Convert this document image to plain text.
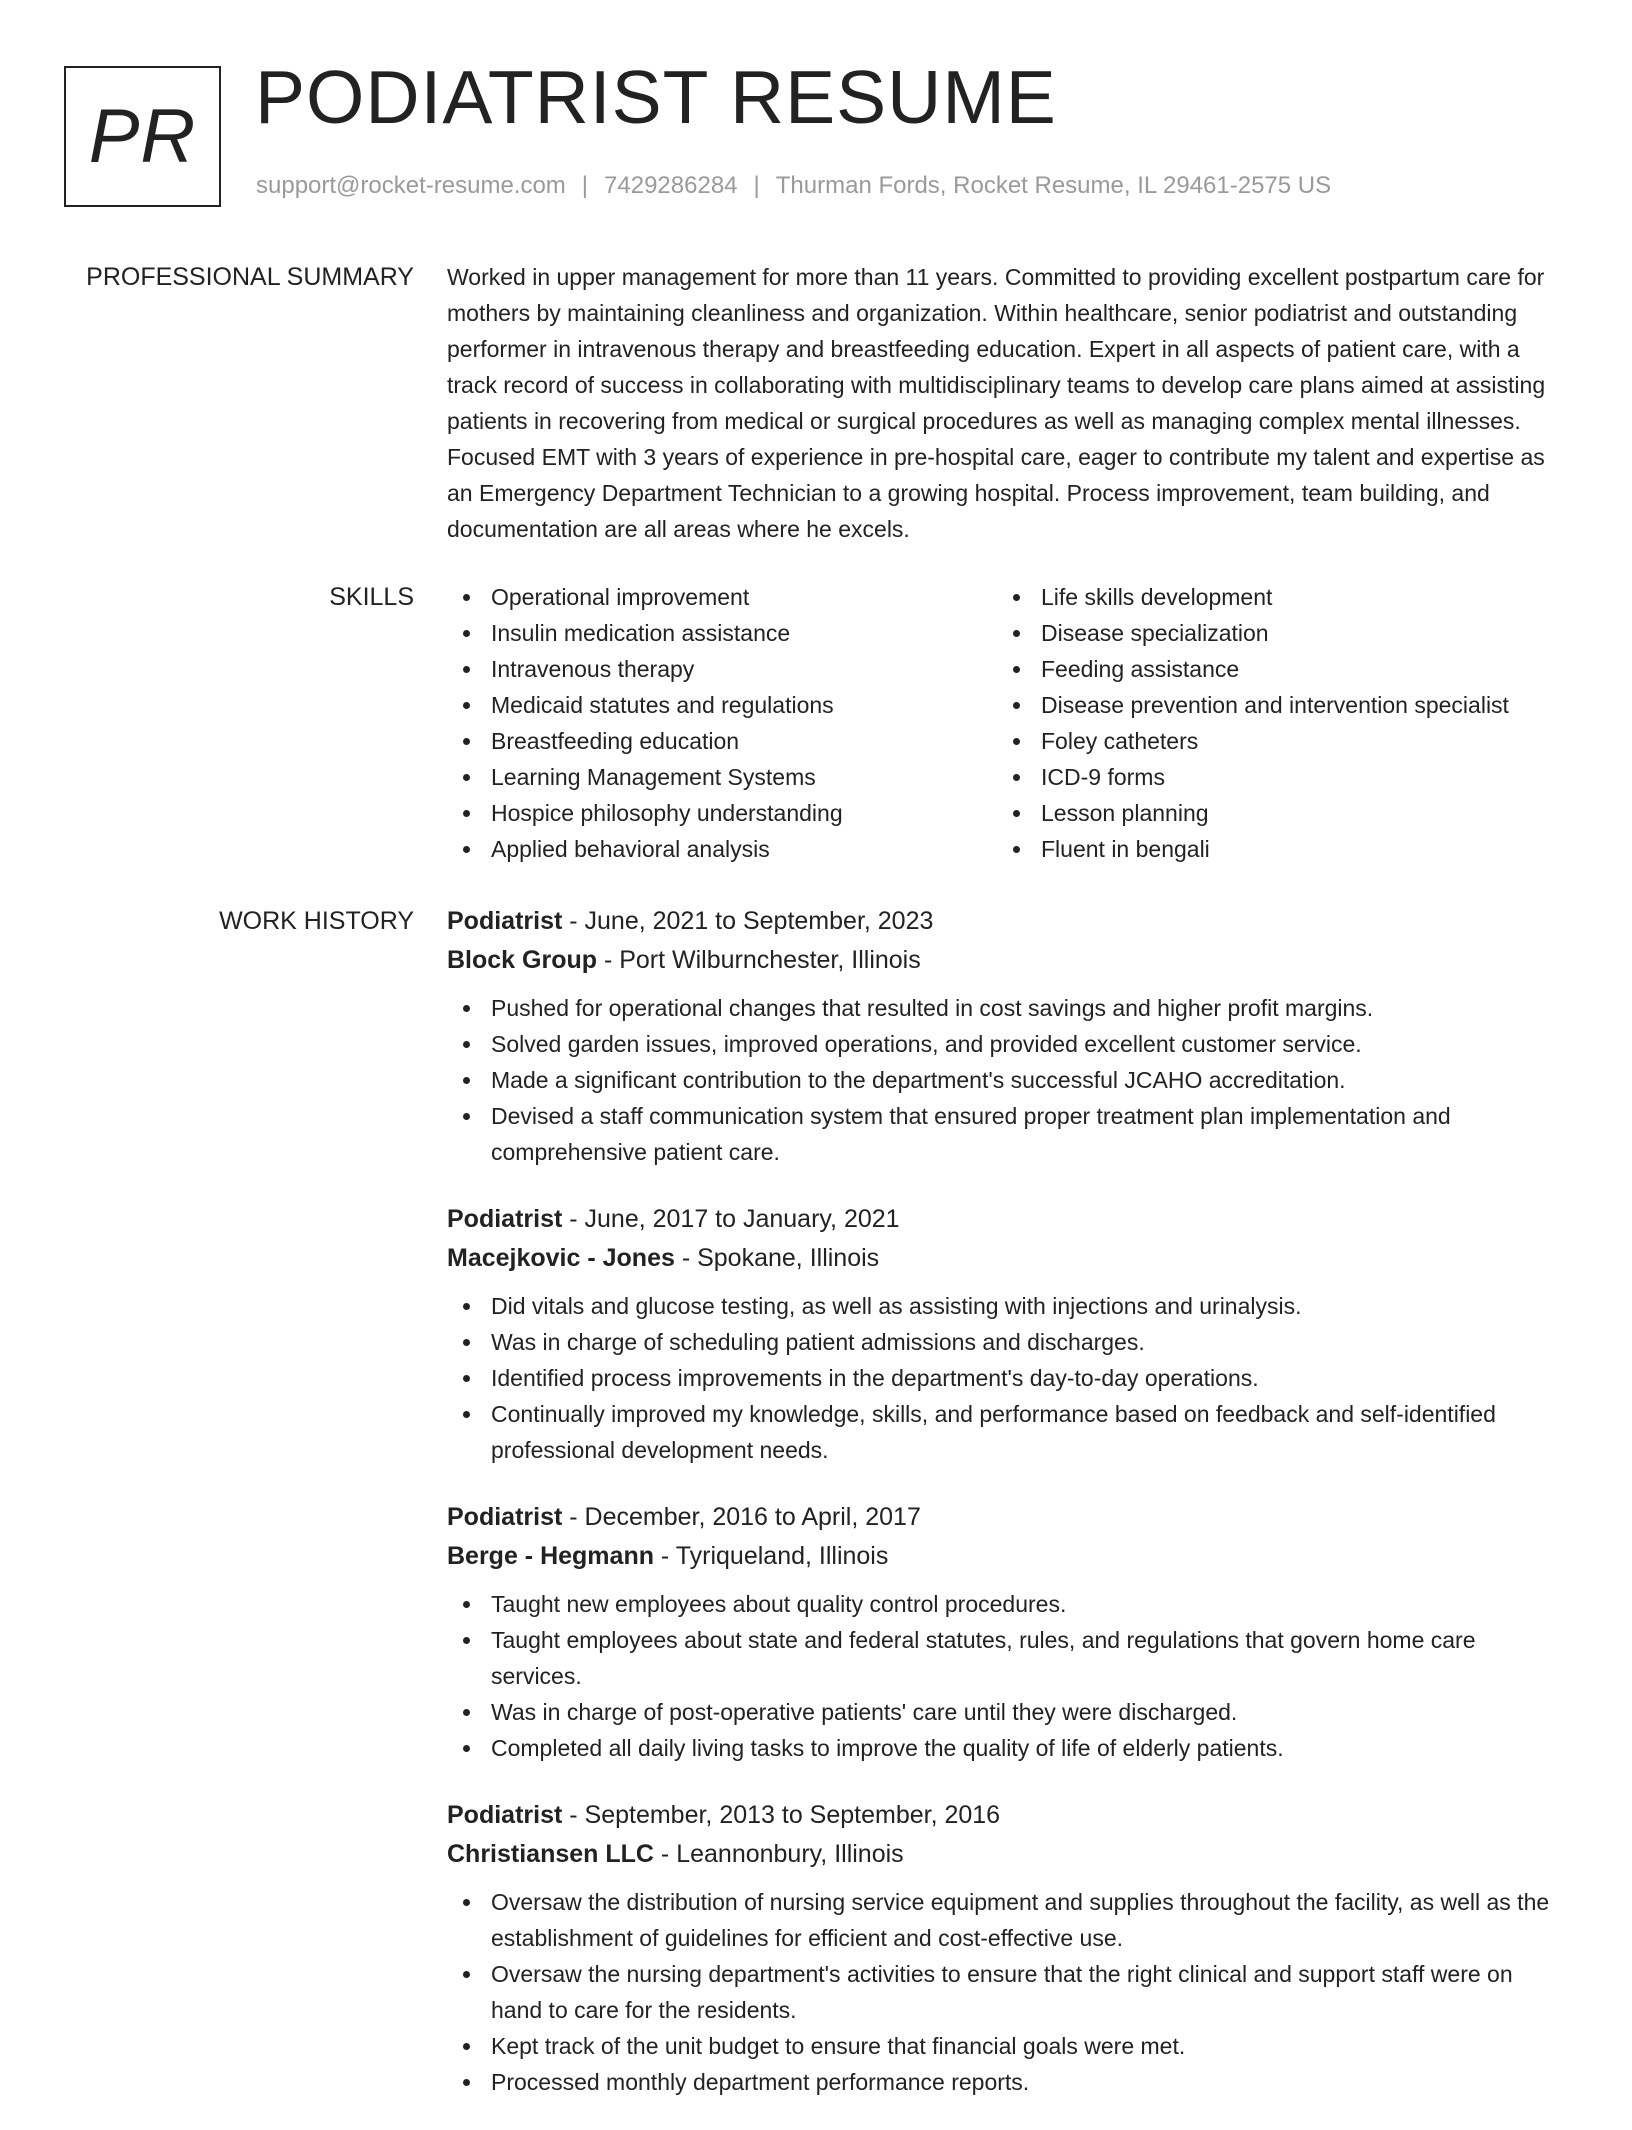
PR PODIATRIST RESUME
support@rocket-resume.com | 7429286284 | Thurman Fords, Rocket Resume, IL 29461-2575 US
PROFESSIONAL SUMMARY Worked in upper management for more than 11 years. Committed to providing excellent postpartum care for mothers by maintaining cleanliness and organization. Within healthcare, senior podiatrist and outstanding performer in intravenous therapy and breastfeeding education. Expert in all aspects of patient care, with a track record of success in collaborating with multidisciplinary teams to develop care plans aimed at assisting patients in recovering from medical or surgical procedures as well as managing complex mental illnesses. Focused EMT with 3 years of experience in pre-hospital care, eager to contribute my talent and expertise as an Emergency Department Technician to a growing hospital. Process improvement, team building, and documentation are all areas where he excels.

SKILLS	Operational improvement
Insulin medication assistance
Intravenous therapy
Medicaid statutes and regulations
Breastfeeding education
Learning Management Systems
Hospice philosophy understanding
Applied behavioral analysis
Life skills development
Disease specialization
Feeding assistance
Disease prevention and intervention specialist
Foley catheters
ICD-9 forms
Lesson planning
Fluent in bengali
WORK HISTORY Podiatrist - June, 2021 to September, 2023
Block Group - Port Wilburnchester, Illinois
Pushed for operational changes that resulted in cost savings and higher profit margins.
Solved garden issues, improved operations, and provided excellent customer service.
Made a significant contribution to the department's successful JCAHO accreditation.
Devised a staff communication system that ensured proper treatment plan implementation and comprehensive patient care.
Podiatrist - June, 2017 to January, 2021
Macejkovic - Jones - Spokane, Illinois
Did vitals and glucose testing, as well as assisting with injections and urinalysis.
Was in charge of scheduling patient admissions and discharges.
Identified process improvements in the department's day-to-day operations.
Continually improved my knowledge, skills, and performance based on feedback and self-identified professional development needs.
Podiatrist - December, 2016 to April, 2017
Berge - Hegmann - Tyriqueland, Illinois
Taught new employees about quality control procedures.
Taught employees about state and federal statutes, rules, and regulations that govern home care services.
Was in charge of post-operative patients' care until they were discharged.
Completed all daily living tasks to improve the quality of life of elderly patients.
Podiatrist - September, 2013 to September, 2016
Christiansen LLC - Leannonbury, Illinois
Oversaw the distribution of nursing service equipment and supplies throughout the facility, as well as the establishment of guidelines for efficient and cost-effective use.
Oversaw the nursing department's activities to ensure that the right clinical and support staff were on hand to care for the residents.
Kept track of the unit budget to ensure that financial goals were met.
Processed monthly department performance reports.
